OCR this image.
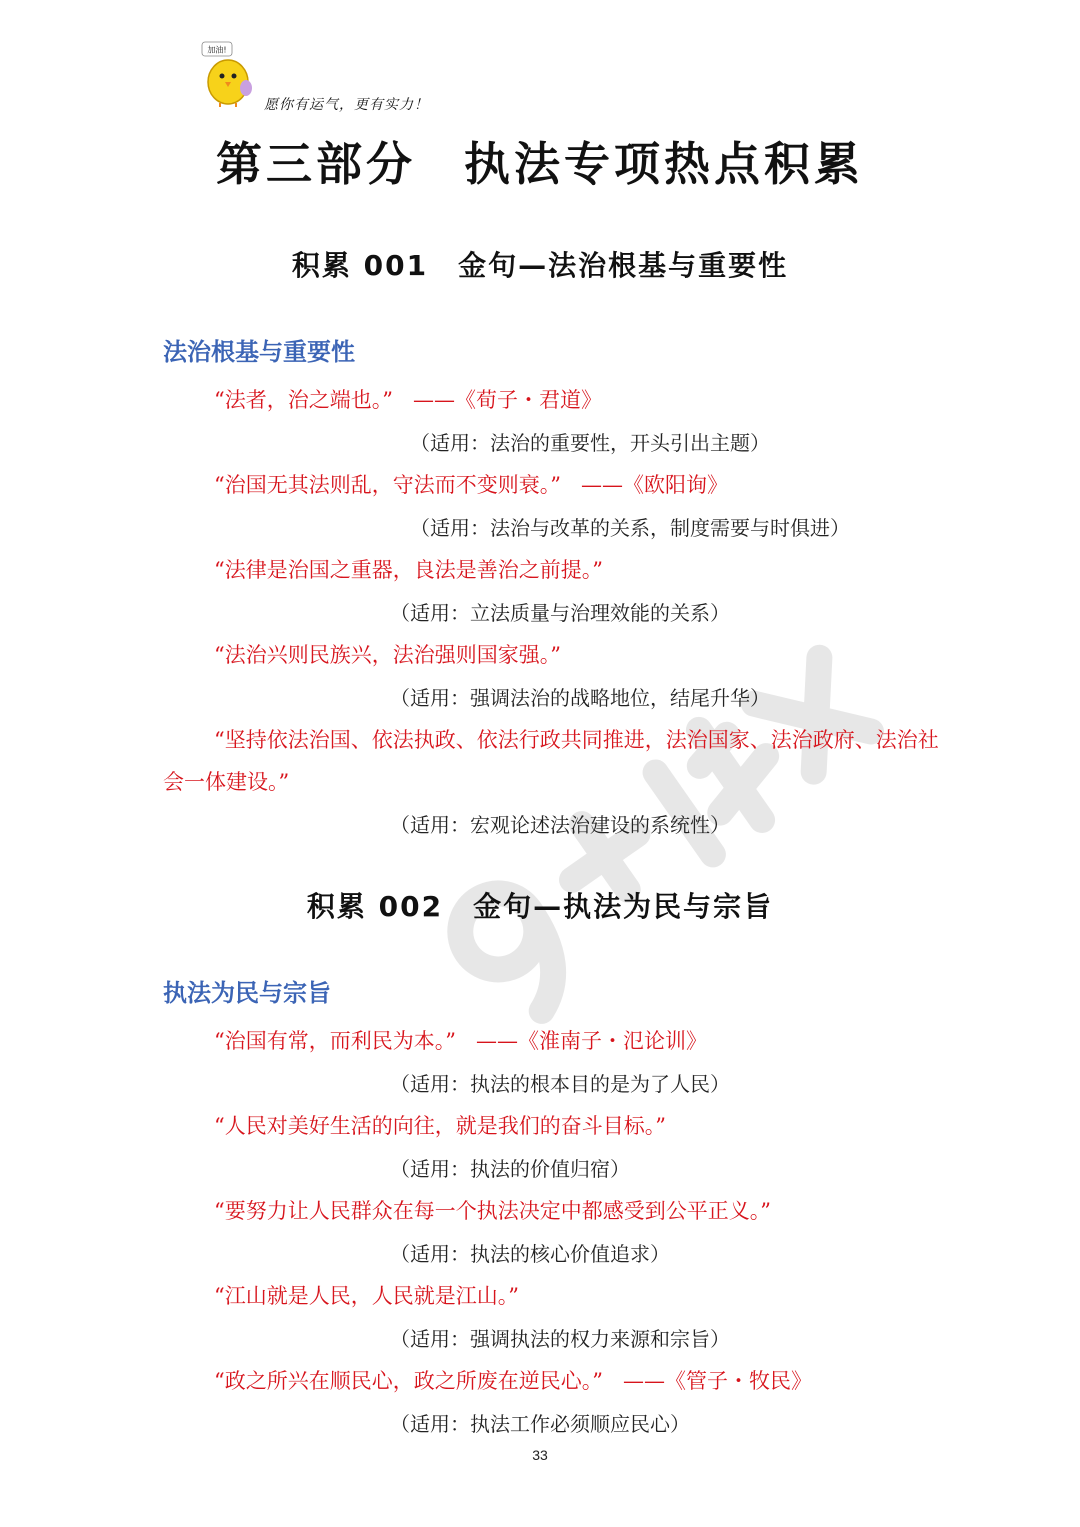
加油!
愿你有运气，更有实力！
第三部分 执法专项热点积累
积累 001 金句—法治根基与重要性
法治根基与重要性
“法者，治之端也。” ——《荀子・君道》
（适用：法治的重要性，开头引出主题）
“治国无其法则乱，守法而不变则衰。” ——《欧阳询》
（适用：法治与改革的关系，制度需要与时俱进）
“法律是治国之重器，良法是善治之前提。”
（适用：立法质量与治理效能的关系）
“法治兴则民族兴，法治强则国家强。”
（适用：强调法治的战略地位，结尾升华）
“坚持依法治国、依法执政、依法行政共同推进，法治国家、法治政府、法治社
会一体建设。”
（适用：宏观论述法治建设的系统性）
积累 002 金句—执法为民与宗旨
执法为民与宗旨
“治国有常，而利民为本。” ——《淮南子・氾论训》
（适用：执法的根本目的是为了人民）
“人民对美好生活的向往，就是我们的奋斗目标。”
（适用：执法的价值归宿）
“要努力让人民群众在每一个执法决定中都感受到公平正义。”
（适用：执法的核心价值追求）
“江山就是人民，人民就是江山。”
（适用：强调执法的权力来源和宗旨）
“政之所兴在顺民心，政之所废在逆民心。” ——《管子・牧民》
（适用：执法工作必须顺应民心）
33
